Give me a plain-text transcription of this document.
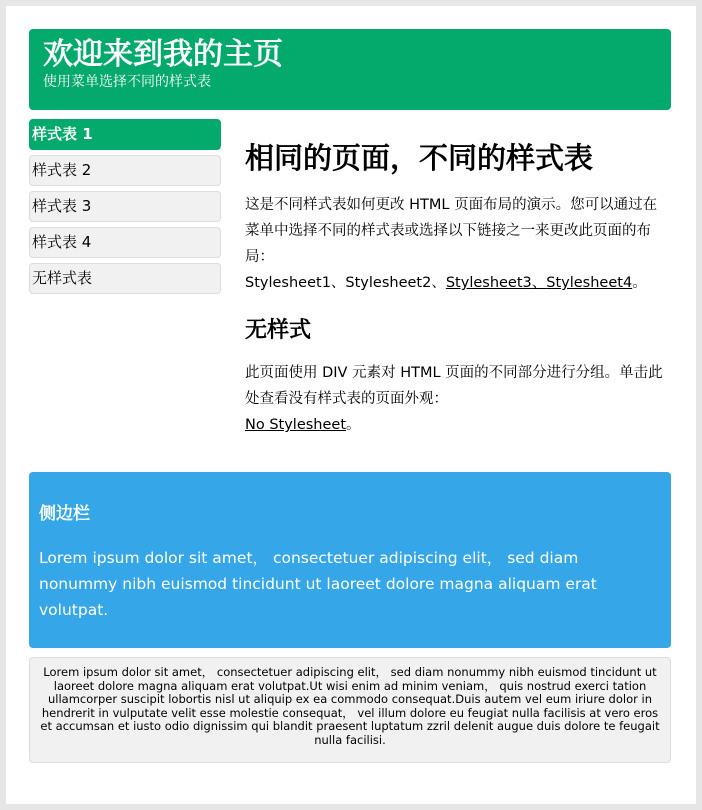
欢迎来到我的主页
使用菜单选择不同的样式表
样式表 1
样式表 2
样式表 3
样式表 4
无样式表
相同的页面，不同的样式表

这是不同样式表如何更改 HTML 页面布局的演示。您可以通过在菜单中选择不同的样式表或选择以下链接之一来更改此页面的布局：
Stylesheet1、Stylesheet2、Stylesheet3、Stylesheet4。

无样式

此页面使用 DIV 元素对 HTML 页面的不同部分进行分组。单击此处查看没有样式表的页面外观：
No Stylesheet。

侧边栏

Lorem ipsum dolor sit amet， consectetuer adipiscing elit， sed diam nonummy nibh euismod tincidunt ut laoreet dolore magna aliquam erat volutpat.

Lorem ipsum dolor sit amet， consectetuer adipiscing elit， sed diam nonummy nibh euismod tincidunt ut laoreet dolore magna aliquam erat volutpat.Ut wisi enim ad minim veniam， quis nostrud exerci tation ullamcorper suscipit lobortis nisl ut aliquip ex ea commodo consequat.Duis autem vel eum iriure dolor in hendrerit in vulputate velit esse molestie consequat， vel illum dolore eu feugiat nulla facilisis at vero eros et accumsan et iusto odio dignissim qui blandit praesent luptatum zzril delenit augue duis dolore te feugait nulla facilisi.
